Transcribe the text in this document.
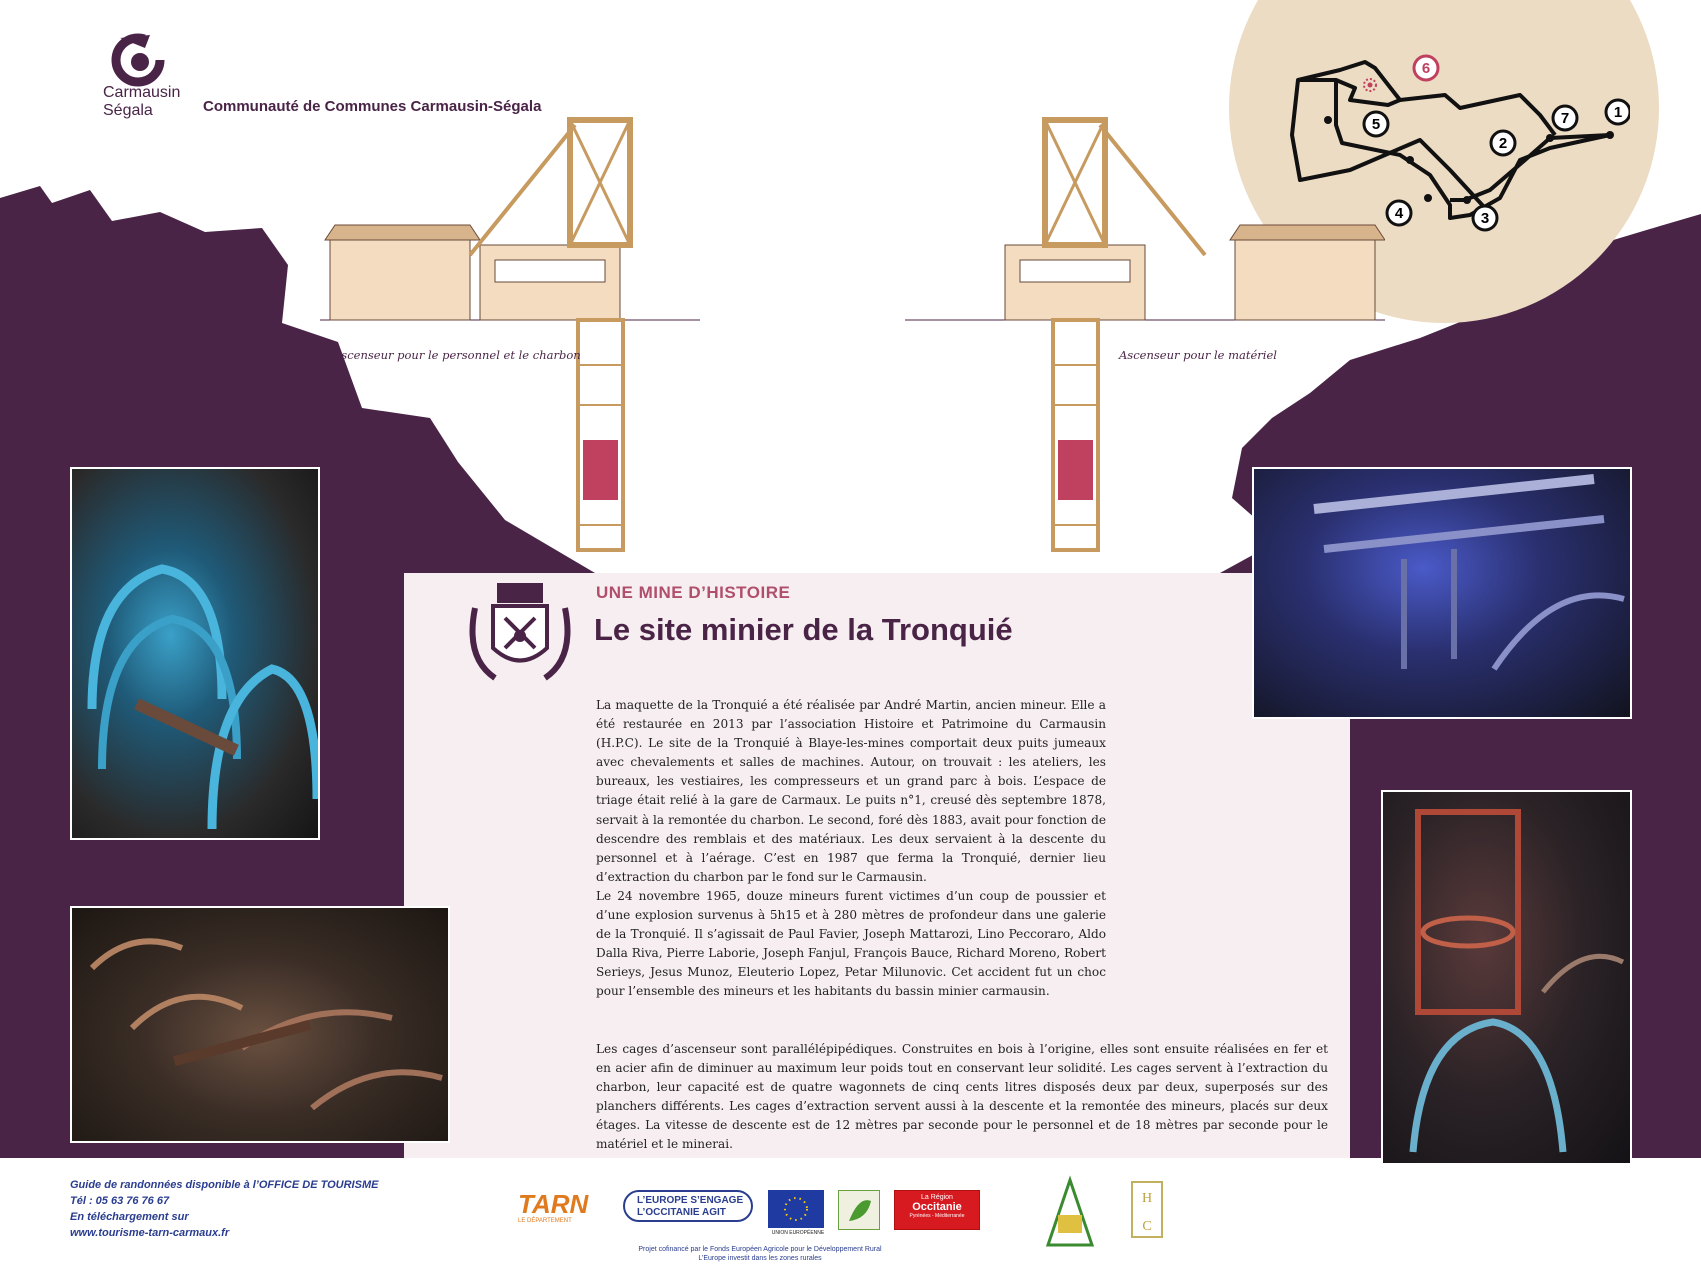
Carmausin
Ségala	Communauté de Communes Carmausin-Ségala
Ascenseur pour le personnel et le charbon	Ascenseur pour le matériel
1
2
3
4
5
6
7
UNE MINE D’HISTOIRE
Le site minier de la Tronquié

La maquette de la Tronquié a été réalisée par André Martin, ancien mineur. Elle a été restaurée en 2013 par l’association Histoire et Patrimoine du Carmausin (H.P.C). Le site de la Tronquié à Blaye-les-mines comportait deux puits jumeaux avec chevalements et salles de machines. Autour, on trouvait : les ateliers, les bureaux, les vestiaires, les compresseurs et un grand parc à bois. L’espace de triage était relié à la gare de Carmaux. Le puits n°1, creusé dès septembre 1878, servait à la remontée du charbon. Le second, foré dès 1883, avait pour fonction de descendre des remblais et des matériaux. Les deux servaient à la descente du personnel et à l’aérage. C’est en 1987 que ferma la Tronquié, dernier lieu d’extraction du charbon par le fond sur le Carmausin.

Le 24 novembre 1965, douze mineurs furent victimes d’un coup de poussier et d’une explosion survenus à 5h15 et à 280 mètres de profondeur dans une galerie de la Tronquié. Il s’agissait de Paul Favier, Joseph Mattarozi, Lino Peccoraro, Aldo Dalla Riva, Pierre Laborie, Joseph Fanjul, François Bauce, Richard Moreno, Robert Serieys, Jesus Munoz, Eleuterio Lopez, Petar Milunovic. Cet accident fut un choc pour l’ensemble des mineurs et les habitants du bassin minier carmausin.

Les cages d’ascenseur sont parallélépipédiques. Construites en bois à l’origine, elles sont ensuite réalisées en fer et en acier afin de diminuer au maximum leur poids tout en conservant leur solidité. Les cages servent à l’extraction du charbon, leur capacité est de quatre wagonnets de cinq cents litres disposés deux par deux, superposés sur des planchers différents. Les cages d’extraction servent aussi à la descente et la remontée des mineurs, placés sur deux étages. La vitesse de descente est de 12 mètres par seconde pour le personnel et de 18 mètres par seconde pour le matériel et le minerai.

Guide de randonnées disponible à l’OFFICE DE TOURISME
Tél : 05 63 76 76 67
En téléchargement sur
www.tourisme-tarn-carmaux.fr
TARN
LE DÉPARTEMENT
L’EUROPE S’ENGAGE
L’OCCITANIE AGIT
UNION EUROPÉENNE
La Région
Occitanie
Pyrénées - Méditerranée
H
C
Projet cofinancé par le Fonds Européen Agricole pour le Développement Rural
L’Europe investit dans les zones rurales
